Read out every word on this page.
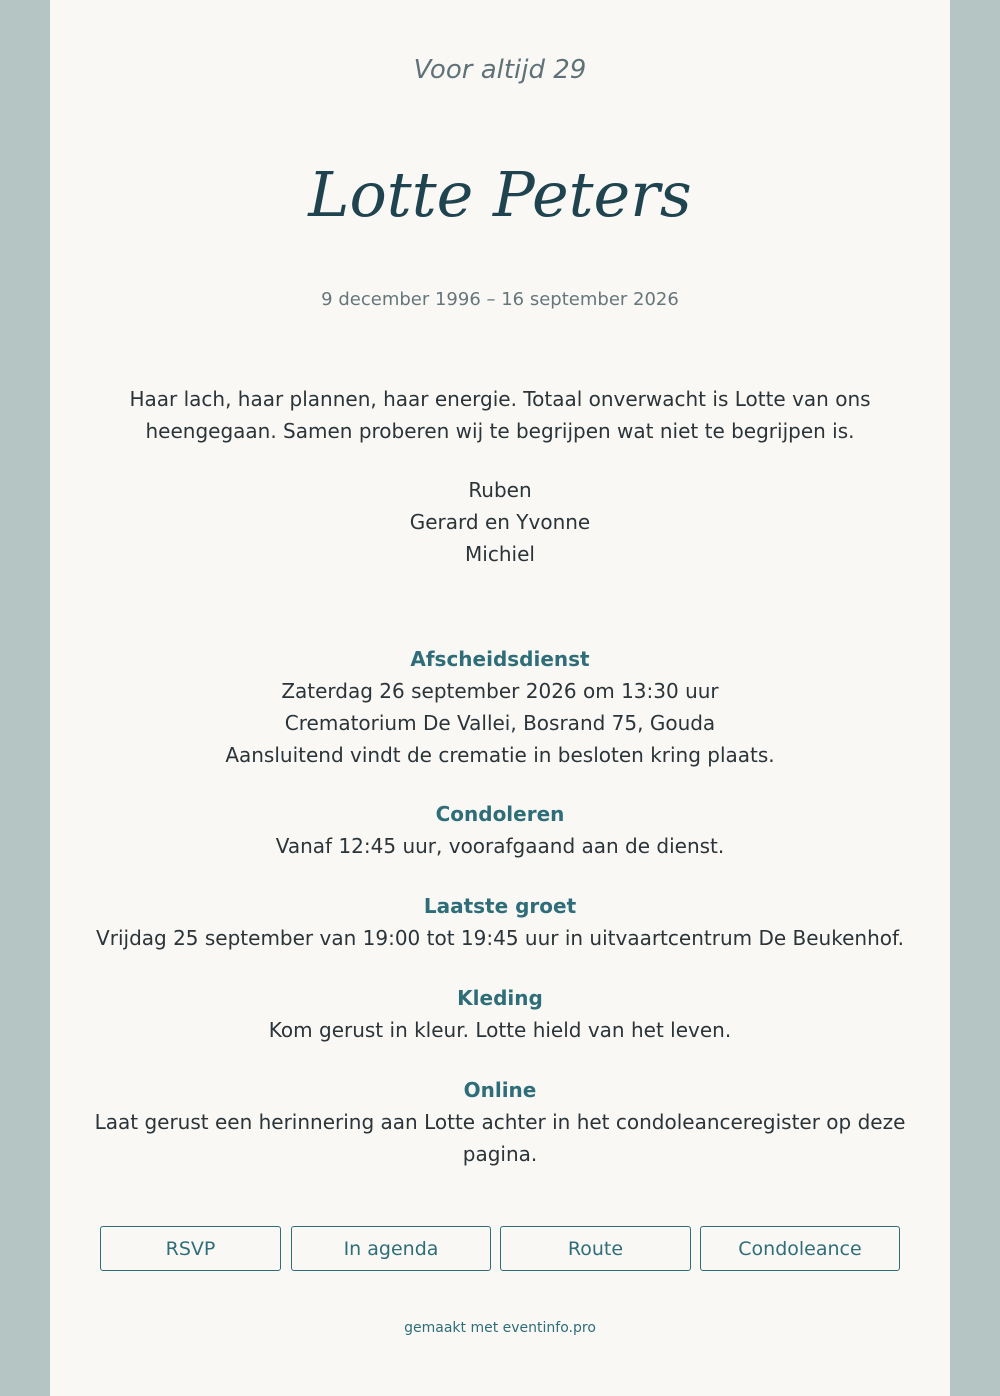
Voor altijd 29
Lotte Peters
9 december 1996 – 16 september 2026
Haar lach, haar plannen, haar energie. Totaal onverwacht is Lotte van ons heengegaan. Samen proberen wij te begrijpen wat niet te begrijpen is.
Ruben
Gerard en Yvonne
Michiel
Afscheidsdienst
Zaterdag 26 september 2026 om 13:30 uur
Crematorium De Vallei, Bosrand 75, Gouda
Aansluitend vindt de crematie in besloten kring plaats.
Condoleren
Vanaf 12:45 uur, voorafgaand aan de dienst.
Laatste groet
Vrijdag 25 september van 19:00 tot 19:45 uur in uitvaartcentrum De Beukenhof.
Kleding
Kom gerust in kleur. Lotte hield van het leven.
Online
Laat gerust een herinnering aan Lotte achter in het condoleanceregister op deze pagina.
RSVP	In agenda	Route	Condoleance
gemaakt met eventinfo.pro
